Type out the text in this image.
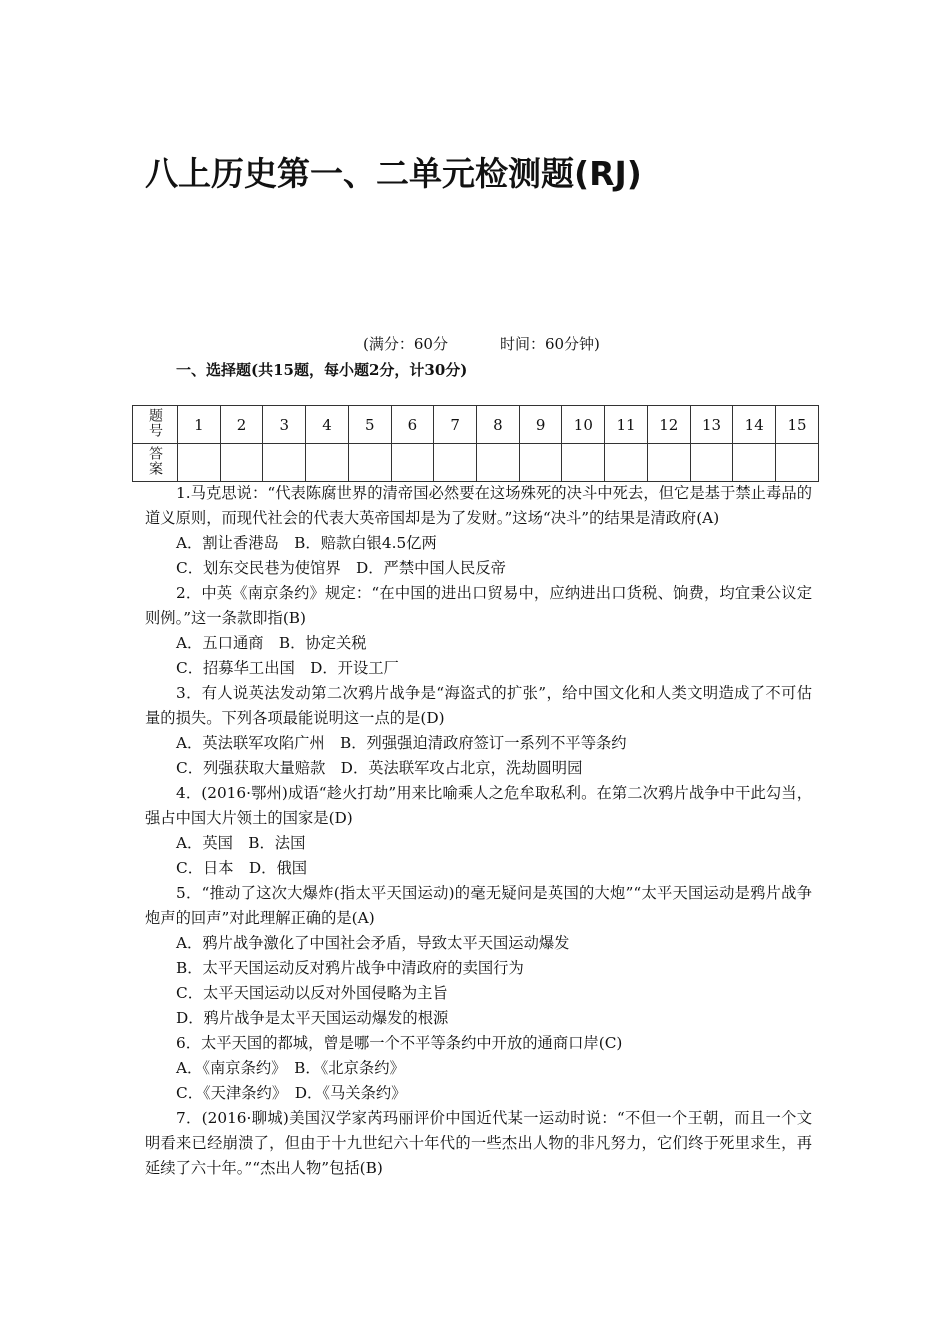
八上历史第一、二单元检测题(RJ)
(满分：60分	时间：60分钟)
一、选择题(共15题，每小题2分，计30分)
题号	1	2	3	4	5	6	7	8	9	10	11	12	13	14	15
答案															

1.马克思说：“代表陈腐世界的清帝国必然要在这场殊死的决斗中死去，但它是基于禁止毒品的道义原则，而现代社会的代表大英帝国却是为了发财。”这场“决斗”的结果是清政府(A)

A．割让香港岛　B．赔款白银4.5亿两

C．划东交民巷为使馆界　D．严禁中国人民反帝

2．中英《南京条约》规定：“在中国的进出口贸易中，应纳进出口货税、饷费，均宜秉公议定则例。”这一条款即指(B)

A．五口通商　B．协定关税

C．招募华工出国　D．开设工厂

3．有人说英法发动第二次鸦片战争是“海盗式的扩张”，给中国文化和人类文明造成了不可估量的损失。下列各项最能说明这一点的是(D)

A．英法联军攻陷广州　B．列强强迫清政府签订一系列不平等条约

C．列强获取大量赔款　D．英法联军攻占北京，洗劫圆明园

4．(2016·鄂州)成语“趁火打劫”用来比喻乘人之危牟取私利。在第二次鸦片战争中干此勾当，强占中国大片领土的国家是(D)

A．英国　B．法国

C．日本　D．俄国

5．“推动了这次大爆炸(指太平天国运动)的毫无疑问是英国的大炮”“太平天国运动是鸦片战争炮声的回声”对此理解正确的是(A)

A．鸦片战争激化了中国社会矛盾，导致太平天国运动爆发

B．太平天国运动反对鸦片战争中清政府的卖国行为

C．太平天国运动以反对外国侵略为主旨

D．鸦片战争是太平天国运动爆发的根源

6．太平天国的都城，曾是哪一个不平等条约中开放的通商口岸(C)

A．《南京条约》　B．《北京条约》

C．《天津条约》　D．《马关条约》

7．(2016·聊城)美国汉学家芮玛丽评价中国近代某一运动时说：“不但一个王朝，而且一个文明看来已经崩溃了，但由于十九世纪六十年代的一些杰出人物的非凡努力，它们终于死里求生，再延续了六十年。”“杰出人物”包括(B)
